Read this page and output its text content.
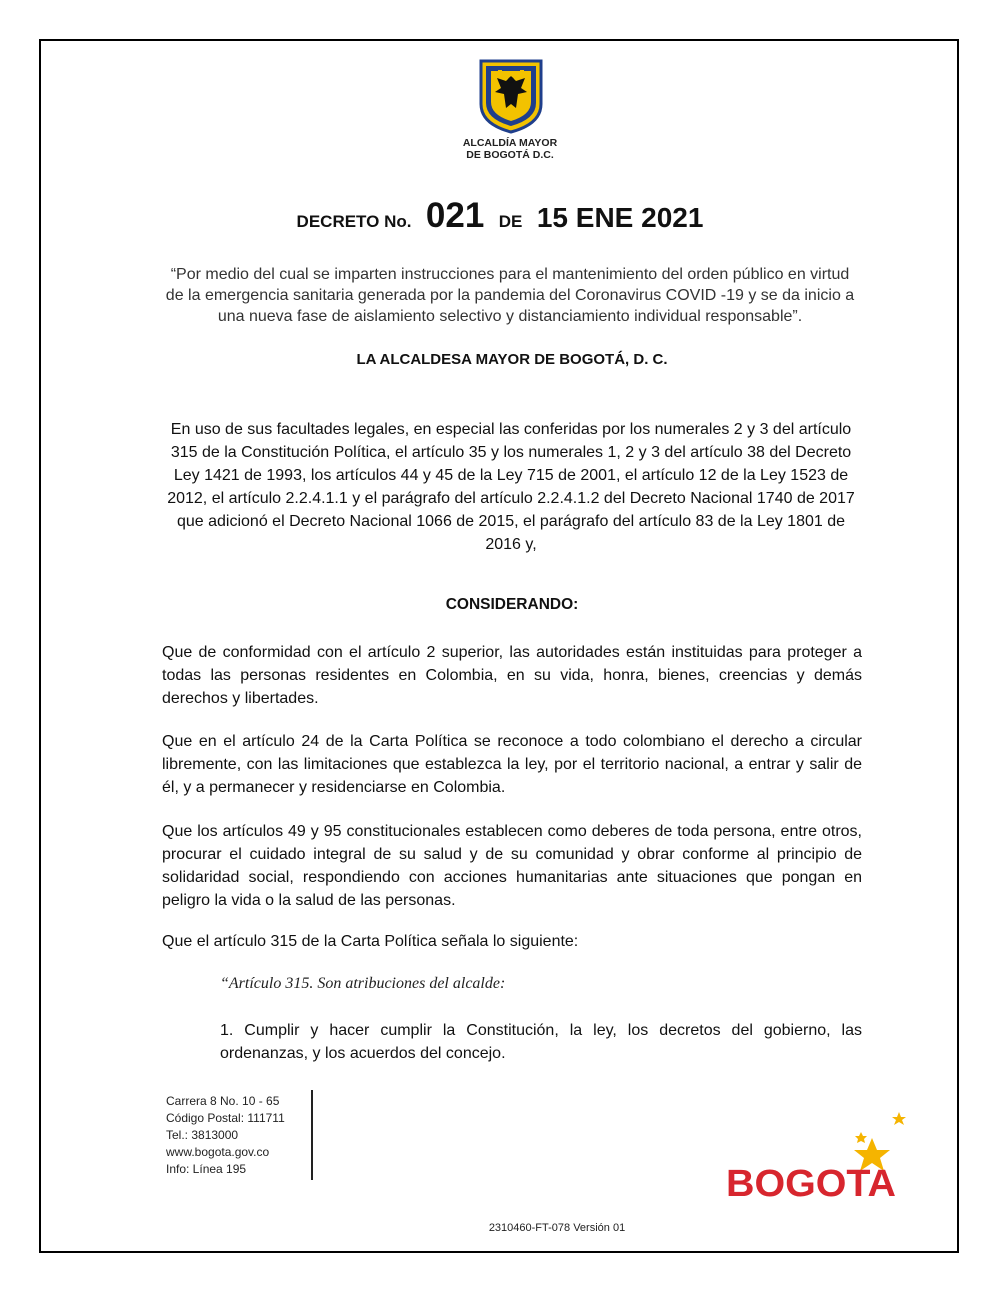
ALCALDÍA MAYOR
DE BOGOTÁ D.C.
DECRETO No. 021 DE 15 ENE 2021
“Por medio del cual se imparten instrucciones para el mantenimiento del orden público en virtud de la emergencia sanitaria generada por la pandemia del Coronavirus COVID -19 y se da inicio a una nueva fase de aislamiento selectivo y distanciamiento individual responsable”.
LA ALCALDESA MAYOR DE BOGOTÁ, D. C.
En uso de sus facultades legales, en especial las conferidas por los numerales 2 y 3 del artículo 315 de la Constitución Política, el artículo 35 y los numerales 1, 2 y 3 del artículo 38 del Decreto Ley 1421 de 1993, los artículos 44 y 45 de la Ley 715 de 2001, el artículo 12 de la Ley 1523 de 2012, el artículo 2.2.4.1.1 y el parágrafo del artículo 2.2.4.1.2 del Decreto Nacional 1740 de 2017 que adicionó el Decreto Nacional 1066 de 2015, el parágrafo del artículo 83 de la Ley 1801 de 2016 y,
CONSIDERANDO:
Que de conformidad con el artículo 2 superior, las autoridades están instituidas para proteger a todas las personas residentes en Colombia, en su vida, honra, bienes, creencias y demás derechos y libertades.
Que en el artículo 24 de la Carta Política se reconoce a todo colombiano el derecho a circular libremente, con las limitaciones que establezca la ley, por el territorio nacional, a entrar y salir de él, y a permanecer y residenciarse en Colombia.
Que los artículos 49 y 95 constitucionales establecen como deberes de toda persona, entre otros, procurar el cuidado integral de su salud y de su comunidad y obrar conforme al principio de solidaridad social, respondiendo con acciones humanitarias ante situaciones que pongan en peligro la vida o la salud de las personas.
Que el artículo 315 de la Carta Política señala lo siguiente:
“Artículo 315. Son atribuciones del alcalde:
1. Cumplir y hacer cumplir la Constitución, la ley, los decretos del gobierno, las ordenanzas, y los acuerdos del concejo.
Carrera 8 No. 10 - 65
Código Postal: 111711
Tel.: 3813000
www.bogota.gov.co
Info: Línea 195	BOGOTA
2310460-FT-078 Versión 01
